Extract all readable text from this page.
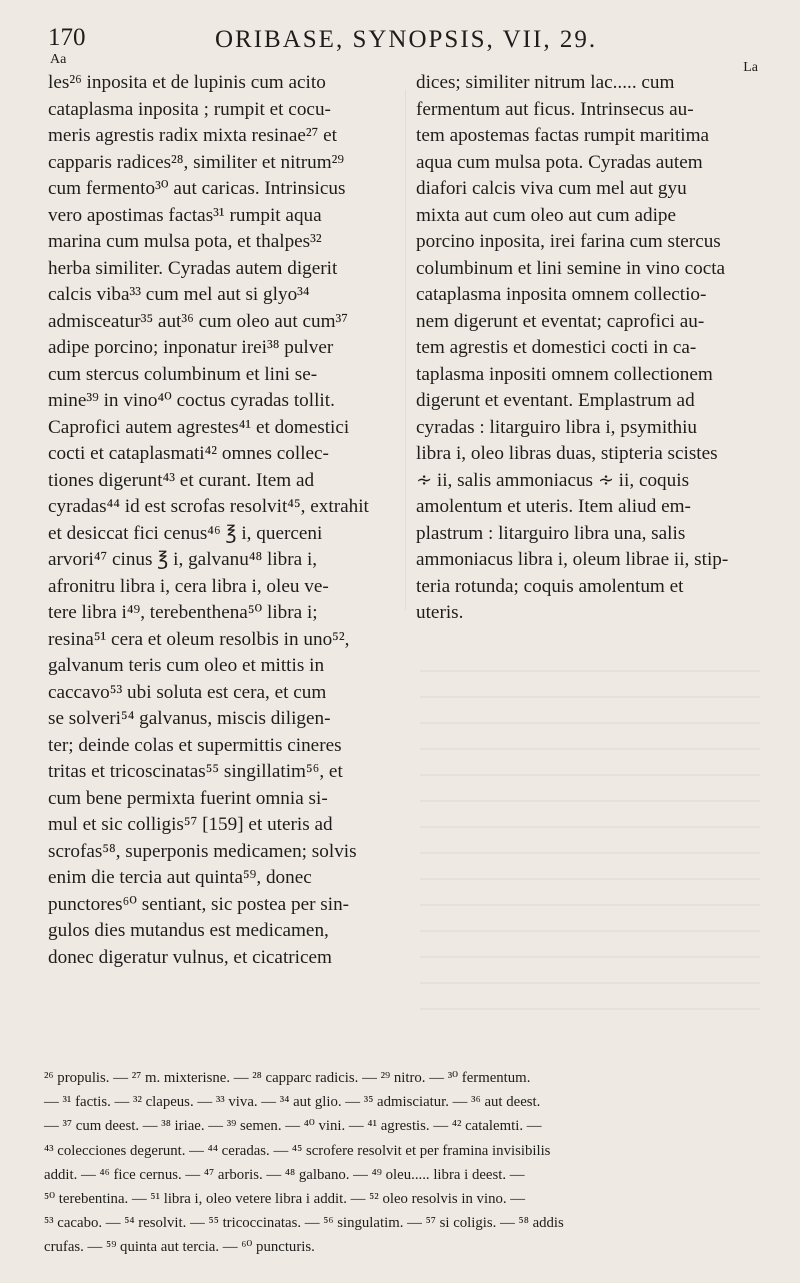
170	ORIBASE, SYNOPSIS, VII, 29.
Aa
La
les²⁶ inposita et de lupinis cum acito
cataplasma inposita ; rumpit et cocu-
meris agrestis radix mixta resinae²⁷ et
capparis radices²⁸, similiter et nitrum²⁹
cum fermento³⁰ aut caricas. Intrinsicus
vero apostimas factas³¹ rumpit aqua
marina cum mulsa pota, et thalpes³²
herba similiter. Cyradas autem digerit
calcis viba³³ cum mel aut si glyo³⁴
admisceatur³⁵ aut³⁶ cum oleo aut cum³⁷
adipe porcino; inponatur irei³⁸ pulver
cum stercus columbinum et lini se-
mine³⁹ in vino⁴⁰ coctus cyradas tollit.
Caprofici autem agrestes⁴¹ et domestici
cocti et cataplasmati⁴² omnes collec-
tiones digerunt⁴³ et curant. Item ad
cyradas⁴⁴ id est scrofas resolvit⁴⁵, extrahit
et desiccat fici cenus⁴⁶ ℥ i, querceni
arvori⁴⁷ cinus ℥ i, galvanu⁴⁸ libra i,
afronitru libra i, cera libra i, oleu ve-
tere libra i⁴⁹, terebenthena⁵⁰ libra i;
resina⁵¹ cera et oleum resolbis in uno⁵²,
galvanum teris cum oleo et mittis in
caccavo⁵³ ubi soluta est cera, et cum
se solveri⁵⁴ galvanus, miscis diligen-
ter; deinde colas et supermittis cineres
tritas et tricoscinatas⁵⁵ singillatim⁵⁶, et
cum bene permixta fuerint omnia si-
mul et sic colligis⁵⁷ [159] et uteris ad
scrofas⁵⁸, superponis medicamen; solvis
enim die tercia aut quinta⁵⁹, donec
punctores⁶⁰ sentiant, sic postea per sin-
gulos dies mutandus est medicamen,
donec digeratur vulnus, et cicatricem
dices; similiter nitrum lac..... cum
fermentum aut ficus. Intrinsecus au-
tem apostemas factas rumpit maritima
aqua cum mulsa pota. Cyradas autem
diafori calcis viva cum mel aut gyu
mixta aut cum oleo aut cum adipe
porcino inposita, irei farina cum stercus
columbinum et lini semine in vino cocta
cataplasma inposita omnem collectio-
nem digerunt et eventat; caprofici au-
tem agrestis et domestici cocti in ca-
taplasma inpositi omnem collectionem
digerunt et eventant. Emplastrum ad
cyradas : litarguiro libra i, psymithiu
libra i, oleo libras duas, stipteria scistes
∻ ii, salis ammoniacus ∻ ii, coquis
amolentum et uteris. Item aliud em-
plastrum : litarguiro libra una, salis
ammoniacus libra i, oleum librae ii, stip-
teria rotunda; coquis amolentum et
uteris.
²⁶ propulis. — ²⁷ m. mixterisne. — ²⁸ capparc radicis. — ²⁹ nitro. — ³⁰ fermentum.
— ³¹ factis. — ³² clapeus. — ³³ viva. — ³⁴ aut glio. — ³⁵ admisciatur. — ³⁶ aut deest.
— ³⁷ cum deest. — ³⁸ iriae. — ³⁹ semen. — ⁴⁰ vini. — ⁴¹ agrestis. — ⁴² catalemti. —
⁴³ colecciones degerunt. — ⁴⁴ ceradas. — ⁴⁵ scrofere resolvit et per framina invisibilis
addit. — ⁴⁶ fice cernus. — ⁴⁷ arboris. — ⁴⁸ galbano. — ⁴⁹ oleu..... libra i deest. —
⁵⁰ terebentina. — ⁵¹ libra i, oleo vetere libra i addit. — ⁵² oleo resolvis in vino. —
⁵³ cacabo. — ⁵⁴ resolvit. — ⁵⁵ tricoccinatas. — ⁵⁶ singulatim. — ⁵⁷ si coligis. — ⁵⁸ addis
crufas. — ⁵⁹ quinta aut tercia. — ⁶⁰ puncturis.
